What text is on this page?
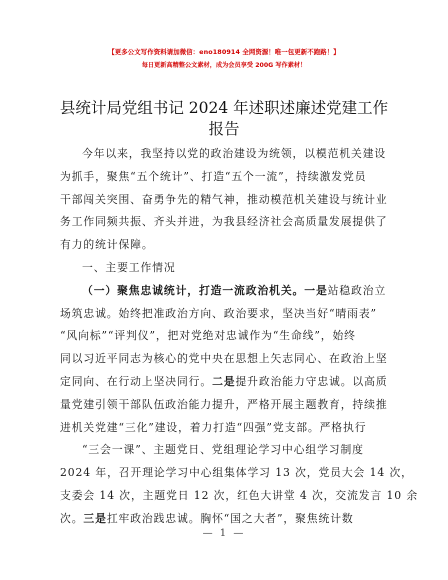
【更多公文写作资料请加微信：eno180914 全网资源！唯一包更新不跑路！】
每日更新高精整公文素材，成为会员享受 200G 写作素材！
县统计局党组书记 2024 年述职述廉述党建工作
报告
今年以来，我坚持以党的政治建设为统领，以模范机关建设
为抓手，聚焦“五个统计”、打造“五个一流”，持续激发党员
干部闯关突围、奋勇争先的精气神，推动模范机关建设与统计业
务工作同频共振、齐头并进，为我县经济社会高质量发展提供了
有力的统计保障。
一、主要工作情况
（一）聚焦忠诚统计，打造一流政治机关。一是站稳政治立
场筑忠诚。始终把准政治方向、政治要求，坚决当好“晴雨表”
“风向标”“评判仪”，把对党绝对忠诚作为“生命线”，始终
同以习近平同志为核心的党中央在思想上矢志同心、在政治上坚
定同向、在行动上坚决同行。二是提升政治能力守忠诚。以高质
量党建引领干部队伍政治能力提升，严格开展主题教育，持续推
进机关党建“三化”建设，着力打造“四强”党支部。严格执行
“三会一课”、主题党日、党组理论学习中心组学习制度
2024 年，召开理论学习中心组集体学习 13 次，党员大会 14 次，
支委会 14 次，主题党日 12 次，红色大讲堂 4 次，交流发言 10 余
次。三是扛牢政治践忠诚。胸怀“国之大者”，聚焦统计数
— 1 —
